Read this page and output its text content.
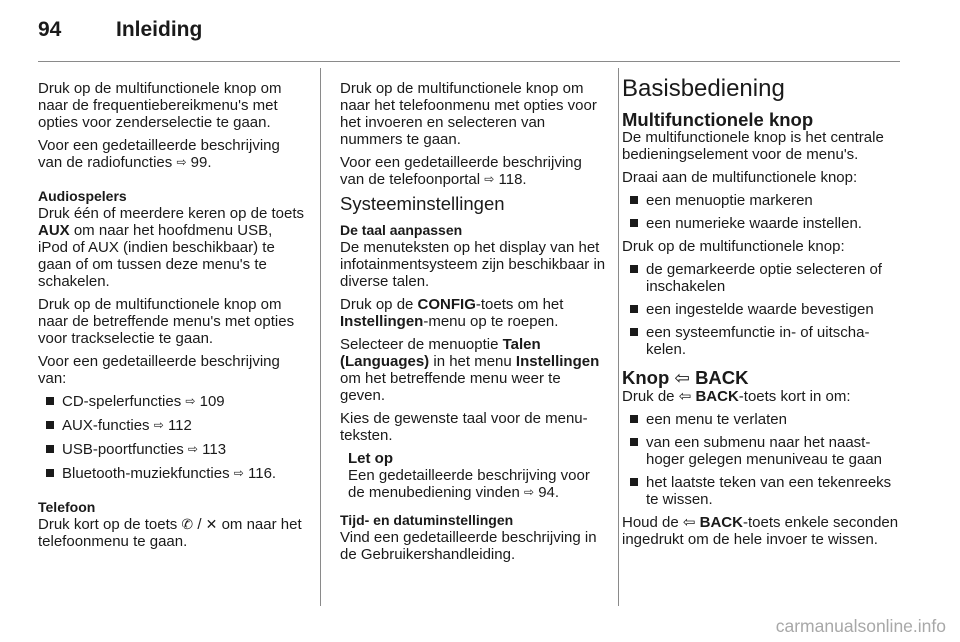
94	Inleiding

Druk op de multifunctionele knop om naar de frequentiebereikmenu's met opties voor zenderselectie te gaan.

Voor een gedetailleerde beschrijving van de radiofuncties ⇨ 99.

Audiospelers

Druk één of meerdere keren op de toets AUX om naar het hoofdmenu USB, iPod of AUX (indien beschikbaar) te gaan of om tussen deze menu's te schakelen.

Druk op de multifunctionele knop om naar de betreffende menu's met opties voor trackselectie te gaan.

Voor een gedetailleerde beschrijving van:

CD-spelerfuncties ⇨ 109
AUX-functies ⇨ 112
USB-poortfuncties ⇨ 113
Bluetooth-muziekfuncties ⇨ 116.
Telefoon

Druk kort op de toets ✆ / ✕ om naar het telefoonmenu te gaan.

Druk op de multifunctionele knop om naar het telefoonmenu met opties voor het invoeren en selecteren van nummers te gaan.

Voor een gedetailleerde beschrijving van de telefoonportal ⇨ 118.

Systeeminstellingen
De taal aanpassen

De menuteksten op het display van het infotainmentsysteem zijn beschikbaar in diverse talen.

Druk op de CONFIG-toets om het Instellingen-menu op te roepen.

Selecteer de menuoptie Talen (Languages) in het menu Instellingen om het betreffende menu weer te geven.

Kies de gewenste taal voor de menuteksten.

Let op
Een gedetailleerde beschrijving voor de menubediening vinden ⇨ 94.
Tijd- en datuminstellingen

Vind een gedetailleerde beschrijving in de Gebruikershandleiding.

Basisbediening
Multifunctionele knop

De multifunctionele knop is het centrale bedieningselement voor de menu's.

Draai aan de multifunctionele knop:

een menuoptie markeren
een numerieke waarde instellen.

Druk op de multifunctionele knop:

de gemarkeerde optie selecteren of inschakelen
een ingestelde waarde bevestigen
een systeemfunctie in- of uitschakelen.
Knop ⇦ BACK

Druk de ⇦ BACK-toets kort in om:

een menu te verlaten
van een submenu naar het naasthoger gelegen menuniveau te gaan
het laatste teken van een tekenreeks te wissen.

Houd de ⇦ BACK-toets enkele seconden ingedrukt om de hele invoer te wissen.

carmanualsonline.info
